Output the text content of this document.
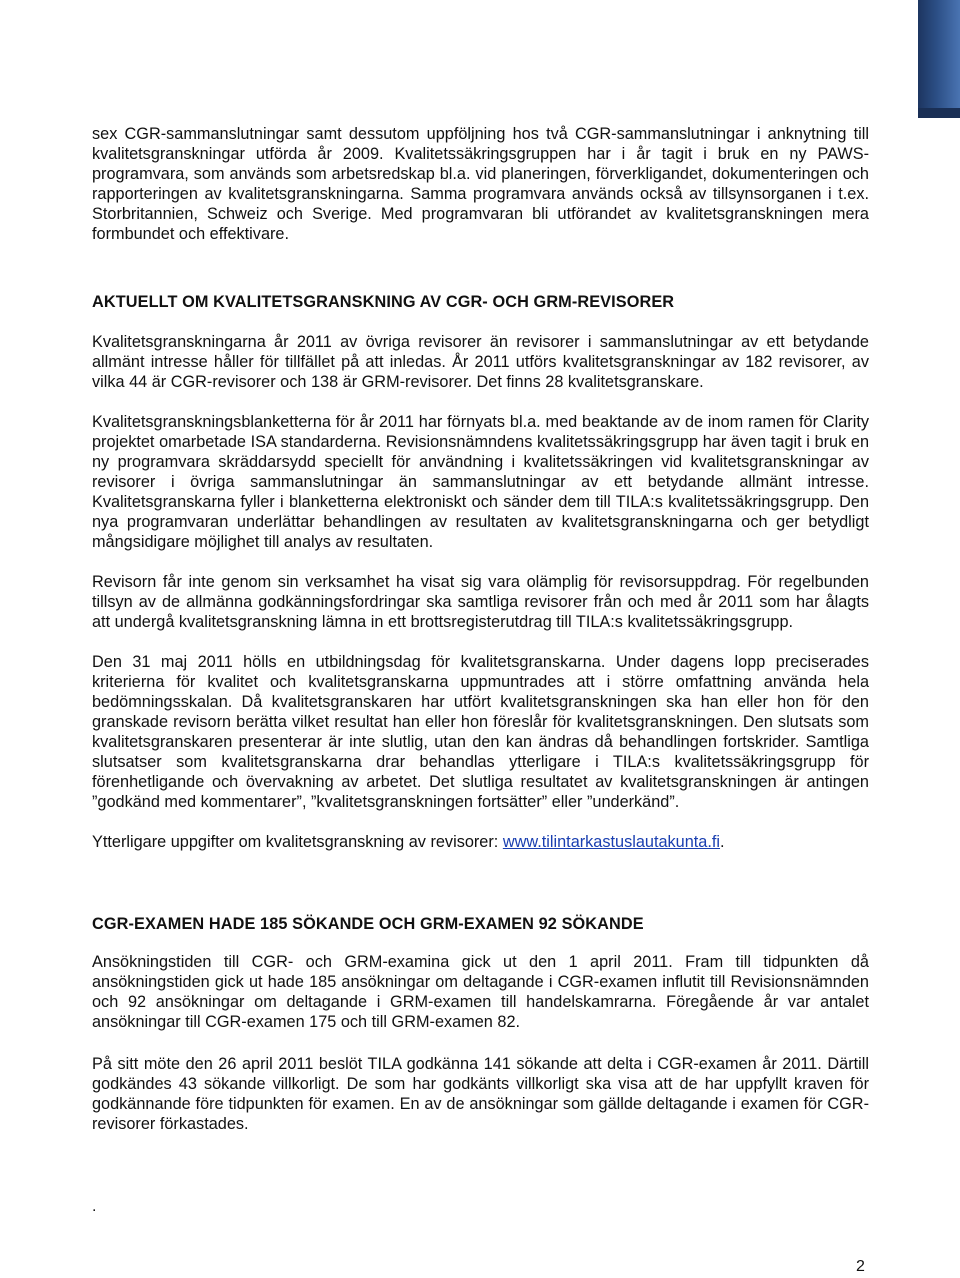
sex CGR-sammanslutningar samt dessutom uppföljning hos två CGR-sammanslutningar i anknytning till kvalitetsgranskningar utförda år 2009. Kvalitetssäkringsgruppen har i år tagit i bruk en ny PAWS-programvara, som används som arbetsredskap bl.a. vid planeringen, förverkligandet, dokumenteringen och rapporteringen av kvalitetsgranskningarna. Samma programvara används också av tillsynsorganen i t.ex. Storbritannien, Schweiz och Sverige. Med programvaran bli utförandet av kvalitetsgranskningen mera formbundet och effektivare.

AKTUELLT OM KVALITETSGRANSKNING AV CGR- OCH GRM-REVISORER

Kvalitetsgranskningarna år 2011 av övriga revisorer än revisorer i sammanslutningar av ett betydande allmänt intresse håller för tillfället på att inledas. År 2011 utförs kvalitetsgranskningar av 182 revisorer, av vilka 44 är CGR-revisorer och 138 är GRM-revisorer. Det finns 28 kvalitetsgranskare.

Kvalitetsgranskningsblanketterna för år 2011 har förnyats bl.a. med beaktande av de inom ramen för Clarity projektet omarbetade ISA standarderna. Revisionsnämndens kvalitetssäkringsgrupp har även tagit i bruk en ny programvara skräddarsydd speciellt för användning i kvalitetssäkringen vid kvalitetsgranskningar av revisorer i övriga sammanslutningar än sammanslutningar av ett betydande allmänt intresse. Kvalitetsgranskarna fyller i blanketterna elektroniskt och sänder dem till TILA:s kvalitetssäkringsgrupp. Den nya programvaran underlättar behandlingen av resultaten av kvalitetsgranskningarna och ger betydligt mångsidigare möjlighet till analys av resultaten.

Revisorn får inte genom sin verksamhet ha visat sig vara olämplig för revisorsuppdrag. För regelbunden tillsyn av de allmänna godkänningsfordringar ska samtliga revisorer från och med år 2011 som har ålagts att undergå kvalitetsgranskning lämna in ett brottsregisterutdrag till TILA:s kvalitetssäkringsgrupp.

Den 31 maj 2011 hölls en utbildningsdag för kvalitetsgranskarna. Under dagens lopp preciserades kriterierna för kvalitet och kvalitetsgranskarna uppmuntrades att i större omfattning använda hela bedömningsskalan. Då kvalitetsgranskaren har utfört kvalitetsgranskningen ska han eller hon för den granskade revisorn berätta vilket resultat han eller hon föreslår för kvalitetsgranskningen. Den slutsats som kvalitetsgranskaren presenterar är inte slutlig, utan den kan ändras då behandlingen fortskrider. Samtliga slutsatser som kvalitetsgranskarna drar behandlas ytterligare i TILA:s kvalitetssäkringsgrupp för förenhetligande och övervakning av arbetet. Det slutliga resultatet av kvalitetsgranskningen är antingen ”godkänd med kommentarer”, ”kvalitetsgranskningen fortsätter” eller ”underkänd”.

Ytterligare uppgifter om kvalitetsgranskning av revisorer: www.tilintarkastuslautakunta.fi.

CGR-EXAMEN HADE 185 SÖKANDE OCH GRM-EXAMEN 92 SÖKANDE

Ansökningstiden till CGR- och GRM-examina gick ut den 1 april 2011. Fram till tidpunkten då ansökningstiden gick ut hade 185 ansökningar om deltagande i CGR-examen influtit till Revisionsnämnden och 92 ansökningar om deltagande i GRM-examen till handelskamrarna. Föregående år var antalet ansökningar till CGR-examen 175 och till GRM-examen 82.

På sitt möte den 26 april 2011 beslöt TILA godkänna 141 sökande att delta i CGR-examen år 2011. Därtill godkändes 43 sökande villkorligt. De som har godkänts villkorligt ska visa att de har uppfyllt kraven för godkännande före tidpunkten för examen. En av de ansökningar som gällde deltagande i examen för CGR-revisorer förkastades.

.
2
